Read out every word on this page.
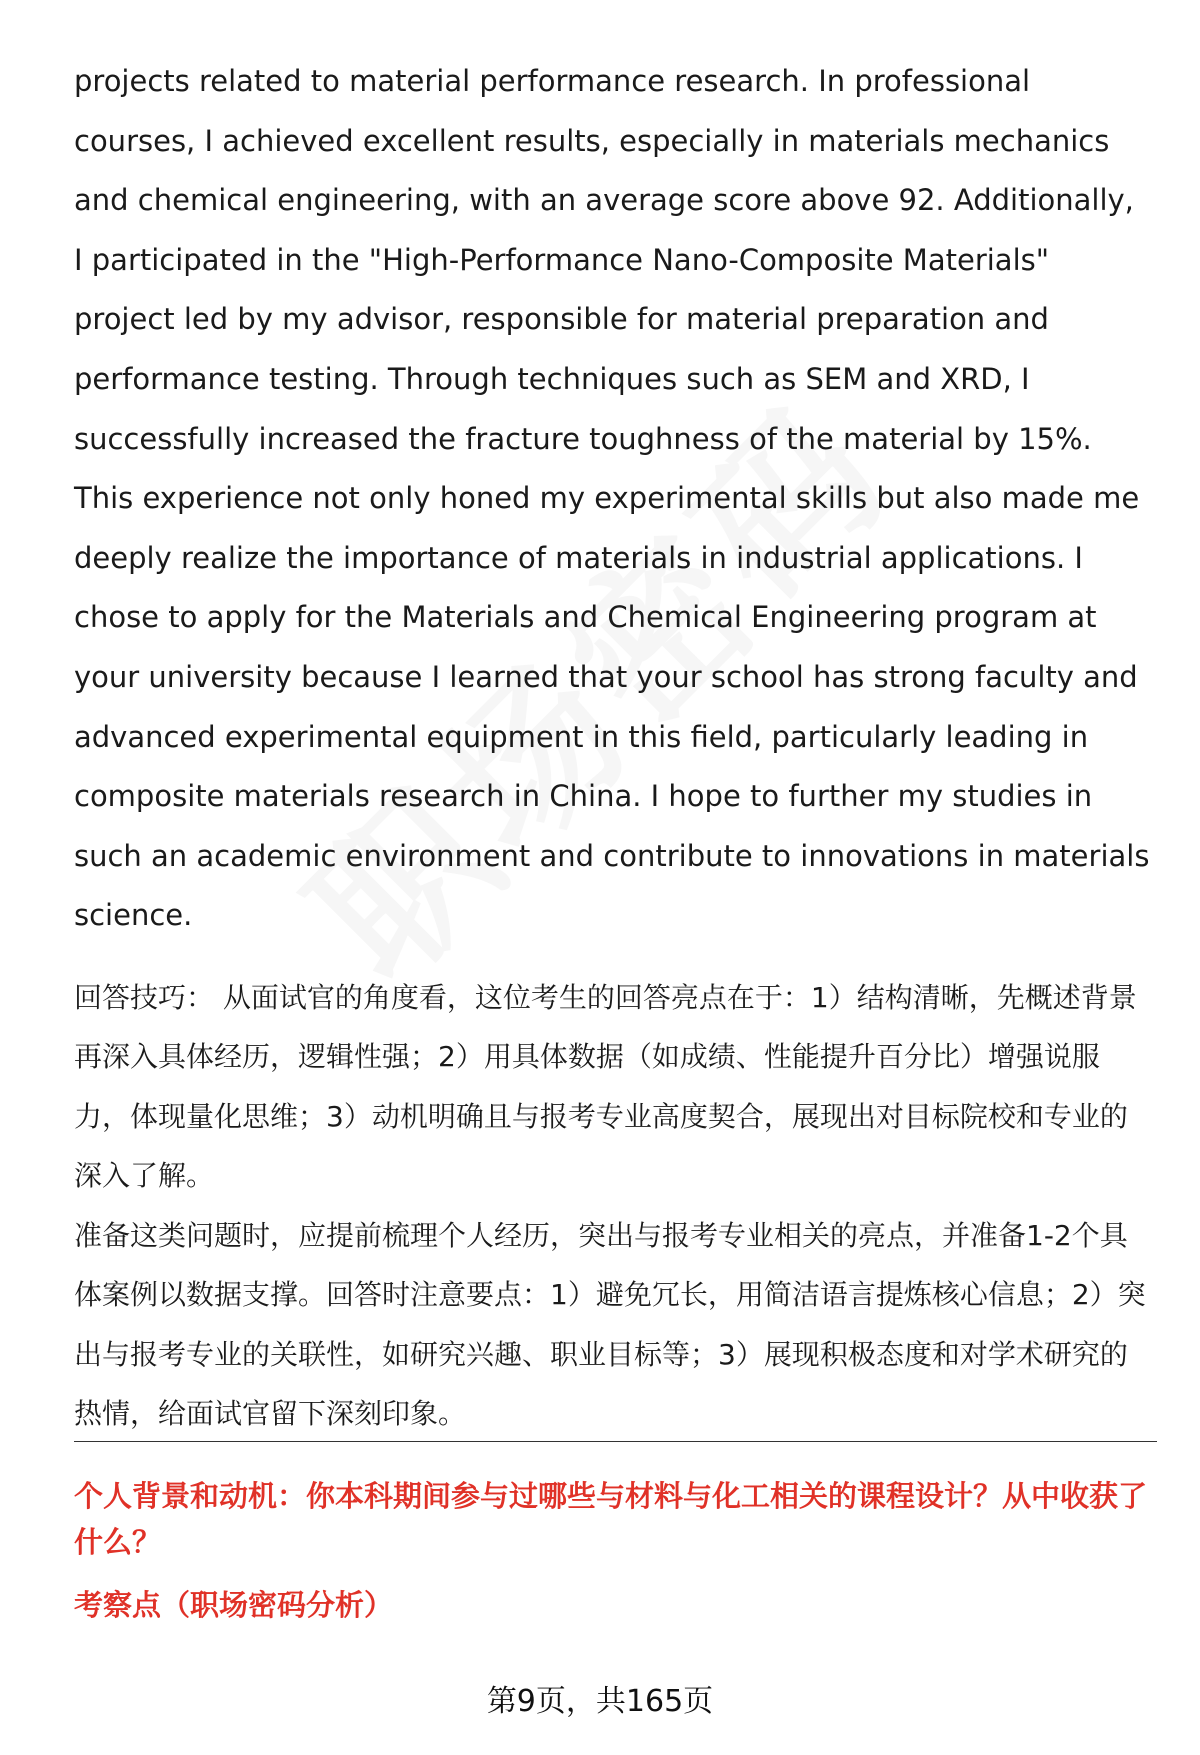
projects related to material performance research. In professional courses, I achieved excellent results, especially in materials mechanics and chemical engineering, with an average score above 92. Additionally, I participated in the "High-Performance Nano-Composite Materials" project led by my advisor, responsible for material preparation and performance testing. Through techniques such as SEM and XRD, I successfully increased the fracture toughness of the material by 15%. This experience not only honed my experimental skills but also made me deeply realize the importance of materials in industrial applications. I chose to apply for the Materials and Chemical Engineering program at your university because I learned that your school has strong faculty and advanced experimental equipment in this field, particularly leading in composite materials research in China. I hope to further my studies in such an academic environment and contribute to innovations in materials science.

回答技巧： 从面试官的角度看，这位考生的回答亮点在于：1）结构清晰，先概述背景再深入具体经历，逻辑性强；2）用具体数据（如成绩、性能提升百分比）增强说服力，体现量化思维；3）动机明确且与报考专业高度契合，展现出对目标院校和专业的深入了解。

准备这类问题时，应提前梳理个人经历，突出与报考专业相关的亮点，并准备1-2个具体案例以数据支撑。回答时注意要点：1）避免冗长，用简洁语言提炼核心信息；2）突出与报考专业的关联性，如研究兴趣、职业目标等；3）展现积极态度和对学术研究的热情，给面试官留下深刻印象。

个人背景和动机：你本科期间参与过哪些与材料与化工相关的课程设计？从中收获了什么？

考察点（职场密码分析）

第9页，共165页
